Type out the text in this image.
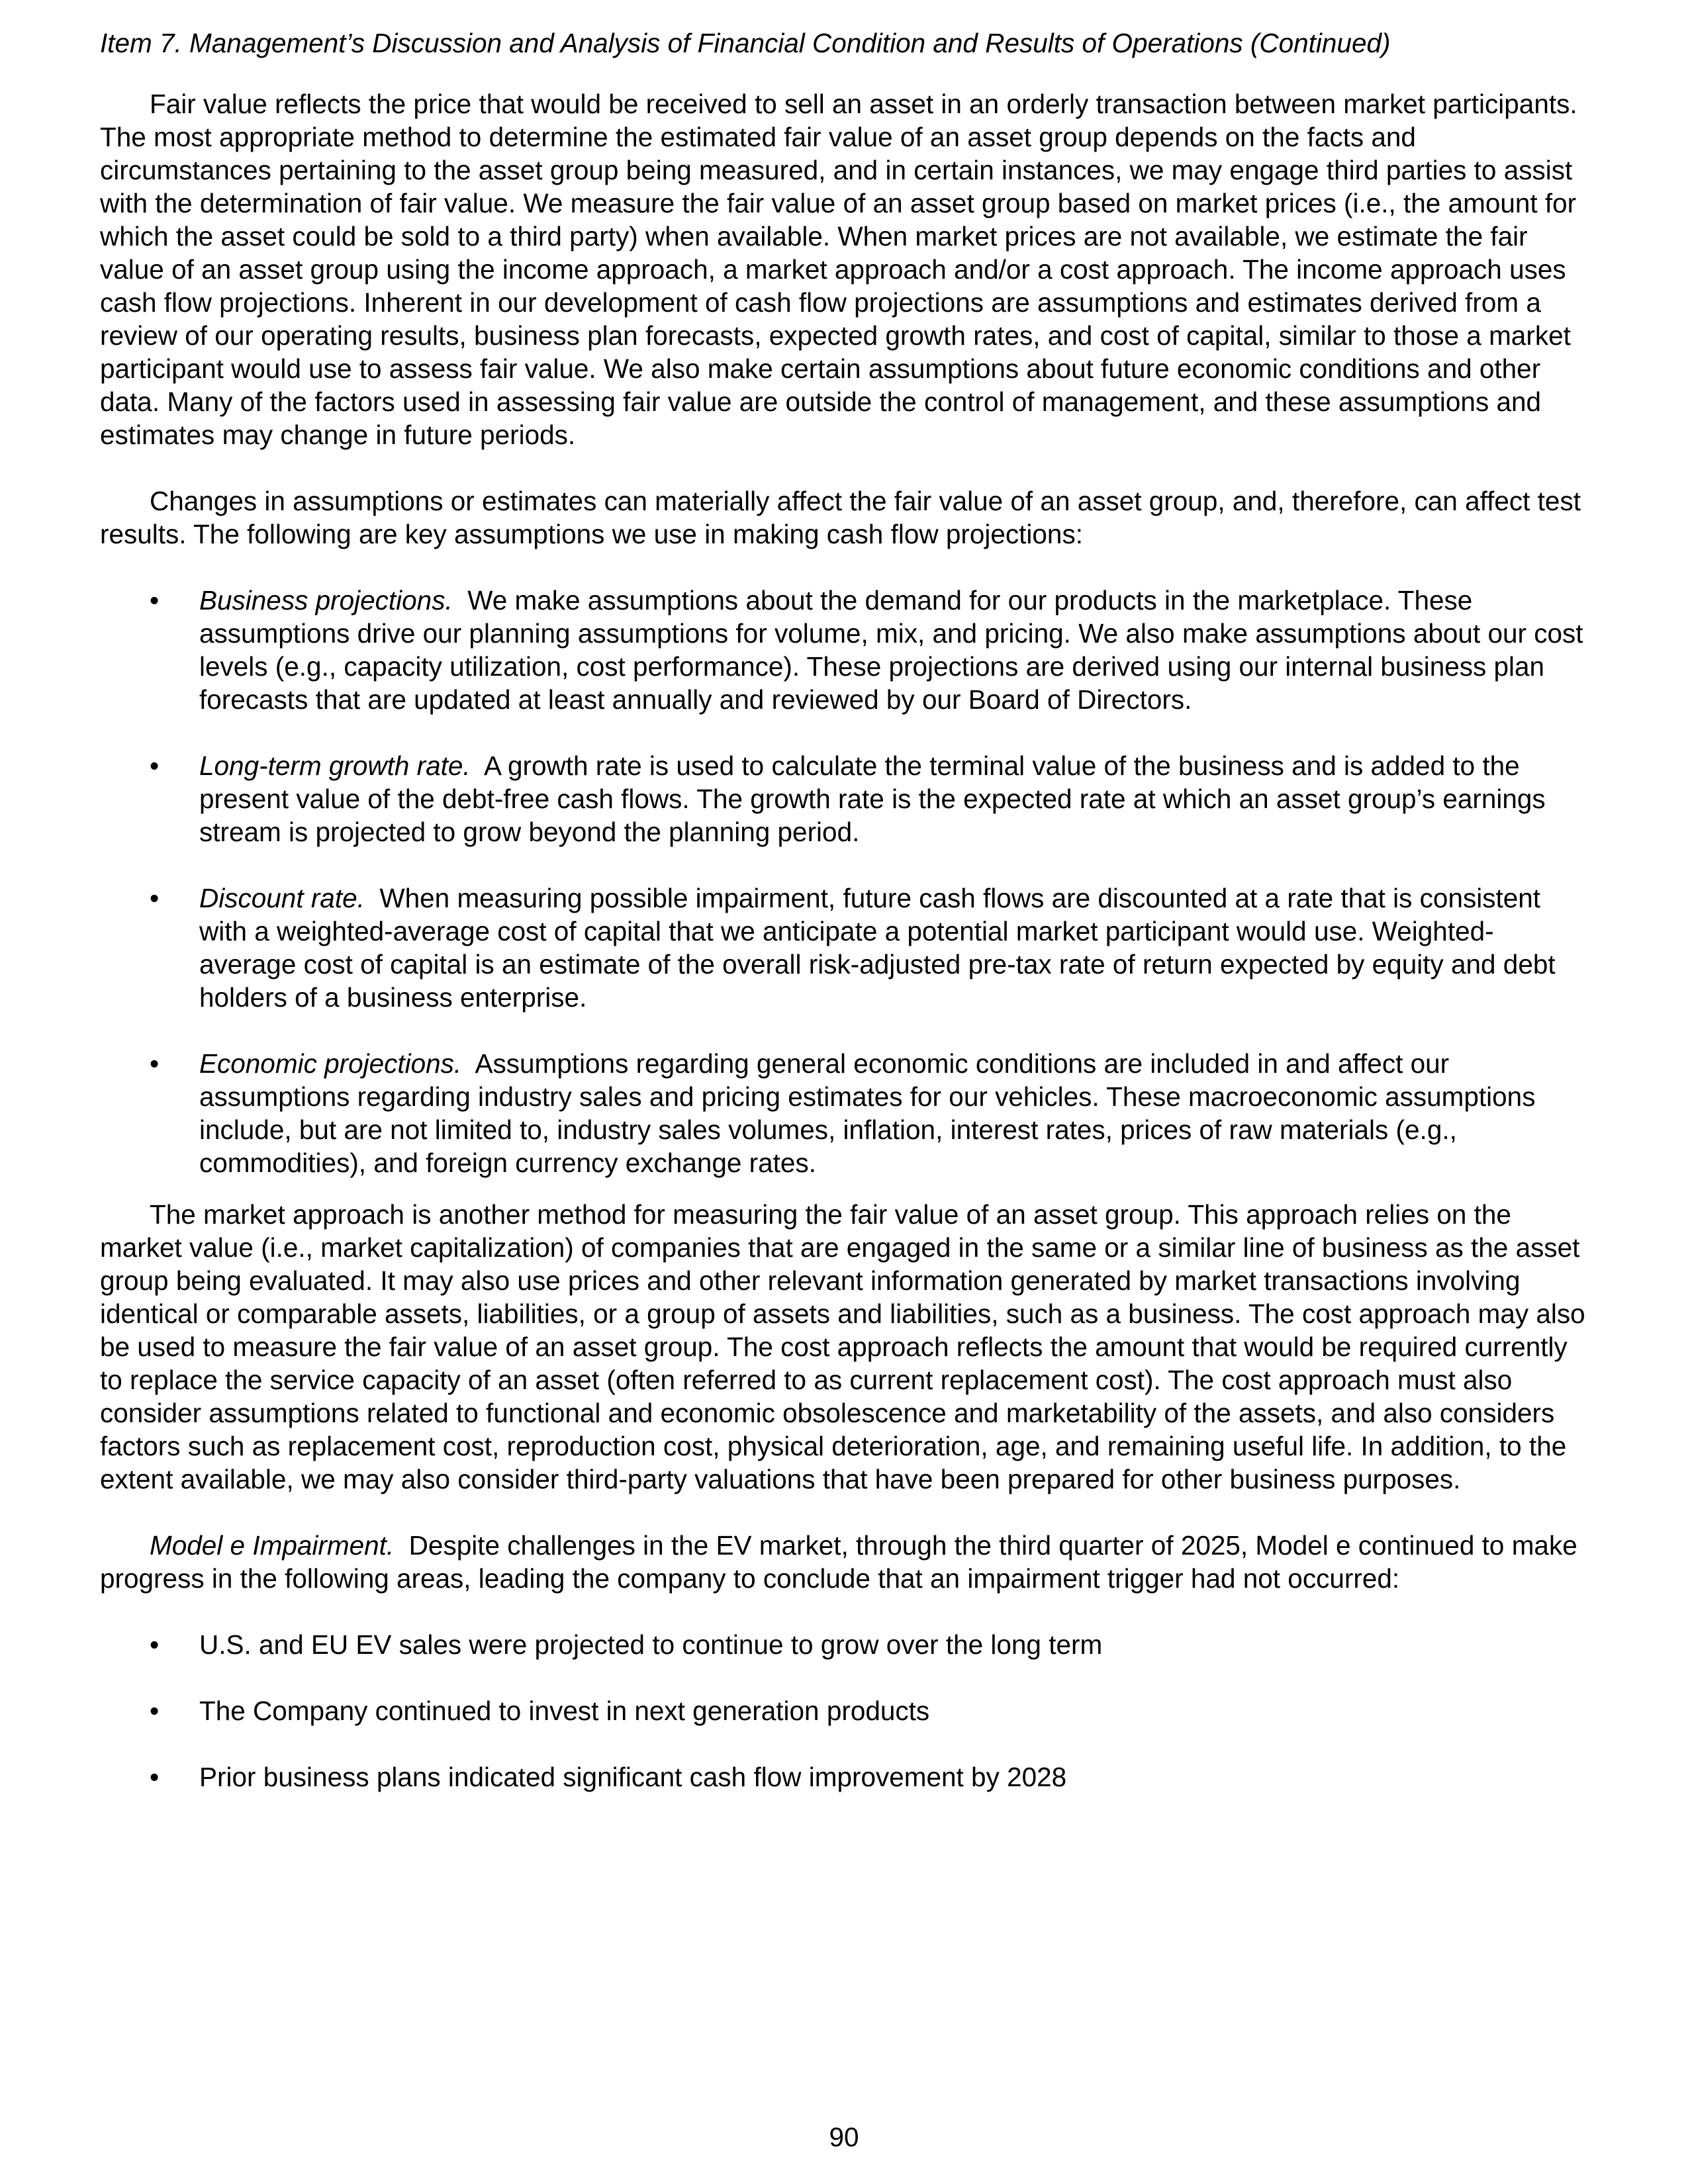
Item 7. Management’s Discussion and Analysis of Financial Condition and Results of Operations (Continued)

Fair value reflects the price that would be received to sell an asset in an orderly transaction between market participants. The most appropriate method to determine the estimated fair value of an asset group depends on the facts and circumstances pertaining to the asset group being measured, and in certain instances, we may engage third parties to assist with the determination of fair value. We measure the fair value of an asset group based on market prices (i.e., the amount for which the asset could be sold to a third party) when available. When market prices are not available, we estimate the fair value of an asset group using the income approach, a market approach and/or a cost approach. The income approach uses cash flow projections. Inherent in our development of cash flow projections are assumptions and estimates derived from a review of our operating results, business plan forecasts, expected growth rates, and cost of capital, similar to those a market participant would use to assess fair value. We also make certain assumptions about future economic conditions and other data. Many of the factors used in assessing fair value are outside the control of management, and these assumptions and estimates may change in future periods.

Changes in assumptions or estimates can materially affect the fair value of an asset group, and, therefore, can affect test results. The following are key assumptions we use in making cash flow projections:

• Business projections. We make assumptions about the demand for our products in the marketplace. These assumptions drive our planning assumptions for volume, mix, and pricing. We also make assumptions about our cost levels (e.g., capacity utilization, cost performance). These projections are derived using our internal business plan forecasts that are updated at least annually and reviewed by our Board of Directors.
• Long-term growth rate. A growth rate is used to calculate the terminal value of the business and is added to the present value of the debt-free cash flows. The growth rate is the expected rate at which an asset group’s earnings stream is projected to grow beyond the planning period.
• Discount rate. When measuring possible impairment, future cash flows are discounted at a rate that is consistent with a weighted-average cost of capital that we anticipate a potential market participant would use. Weighted-average cost of capital is an estimate of the overall risk-adjusted pre-tax rate of return expected by equity and debt holders of a business enterprise.
• Economic projections. Assumptions regarding general economic conditions are included in and affect our assumptions regarding industry sales and pricing estimates for our vehicles. These macroeconomic assumptions include, but are not limited to, industry sales volumes, inflation, interest rates, prices of raw materials (e.g., commodities), and foreign currency exchange rates.

The market approach is another method for measuring the fair value of an asset group. This approach relies on the market value (i.e., market capitalization) of companies that are engaged in the same or a similar line of business as the asset group being evaluated. It may also use prices and other relevant information generated by market transactions involving identical or comparable assets, liabilities, or a group of assets and liabilities, such as a business. The cost approach may also be used to measure the fair value of an asset group. The cost approach reflects the amount that would be required currently to replace the service capacity of an asset (often referred to as current replacement cost). The cost approach must also consider assumptions related to functional and economic obsolescence and marketability of the assets, and also considers factors such as replacement cost, reproduction cost, physical deterioration, age, and remaining useful life. In addition, to the extent available, we may also consider third-party valuations that have been prepared for other business purposes.

Model e Impairment. Despite challenges in the EV market, through the third quarter of 2025, Model e continued to make progress in the following areas, leading the company to conclude that an impairment trigger had not occurred:

• U.S. and EU EV sales were projected to continue to grow over the long term
• The Company continued to invest in next generation products
• Prior business plans indicated significant cash flow improvement by 2028
90
